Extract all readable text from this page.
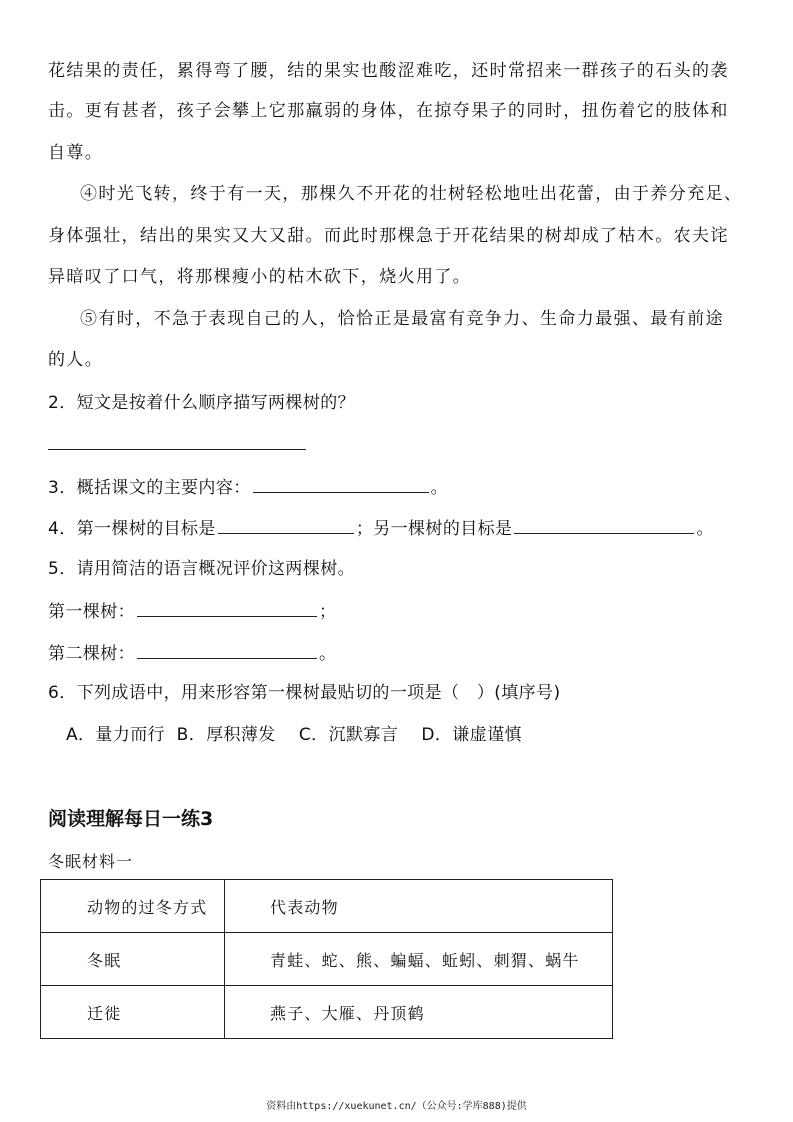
花结果的责任，累得弯了腰，结的果实也酸涩难吃，还时常招来一群孩子的石头的袭
击。更有甚者，孩子会攀上它那羸弱的身体，在掠夺果子的同时，扭伤着它的肢体和
自尊。
④时光飞转，终于有一天，那棵久不开花的壮树轻松地吐出花蕾，由于养分充足、
身体强壮，结出的果实又大又甜。而此时那棵急于开花结果的树却成了枯木。农夫诧
异暗叹了口气，将那棵瘦小的枯木砍下，烧火用了。
⑤有时，不急于表现自己的人，恰恰正是最富有竞争力、生命力最强、最有前途
的人。
2．短文是按着什么顺序描写两棵树的？
3．概括课文的主要内容：	。
4．第一棵树的目标是	；另一棵树的目标是	。
5．请用简洁的语言概况评价这两棵树。
第一棵树：	；
第二棵树：	。
6．下列成语中，用来形容第一棵树最贴切的一项是（　）(填序号)
A．量力而行  B．厚积薄发    C．沉默寡言    D．谦虚谨慎
阅读理解每日一练3
冬眠材料一
动物的过冬方式	代表动物
冬眠	青蛙、蛇、熊、蝙蝠、蚯蚓、刺猬、蜗牛
迁徙	燕子、大雁、丹顶鹤
资料由https://xuekunet.cn/（公众号:学库888)提供
